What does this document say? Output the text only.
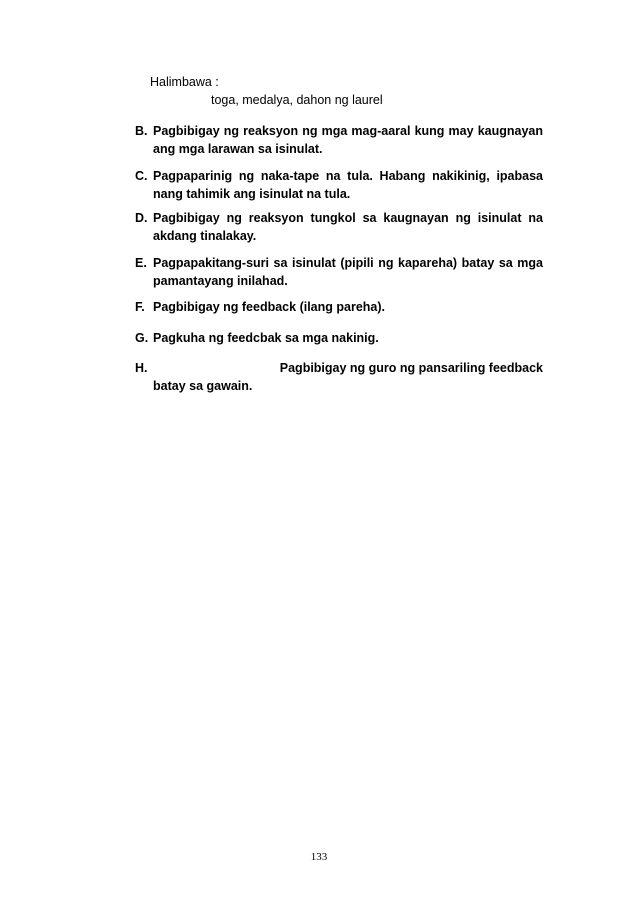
Halimbawa :
toga, medalya, dahon ng laurel
B. Pagbibigay ng reaksyon ng mga mag-aaral kung may kaugnayan ang mga larawan sa isinulat.
C. Pagpaparinig ng naka-tape na tula. Habang nakikinig, ipabasa nang tahimik ang isinulat na tula.
D. Pagbibigay ng reaksyon tungkol sa kaugnayan ng isinulat na akdang tinalakay.
E. Pagpapakitang-suri sa isinulat (pipili ng kapareha) batay sa mga pamantayang inilahad.
F. Pagbibigay ng feedback (ilang pareha).
G. Pagkuha ng feedcbak sa mga nakinig.
H.	Pagbibigay ng guro ng pansariling feedback
batay sa gawain.
133
